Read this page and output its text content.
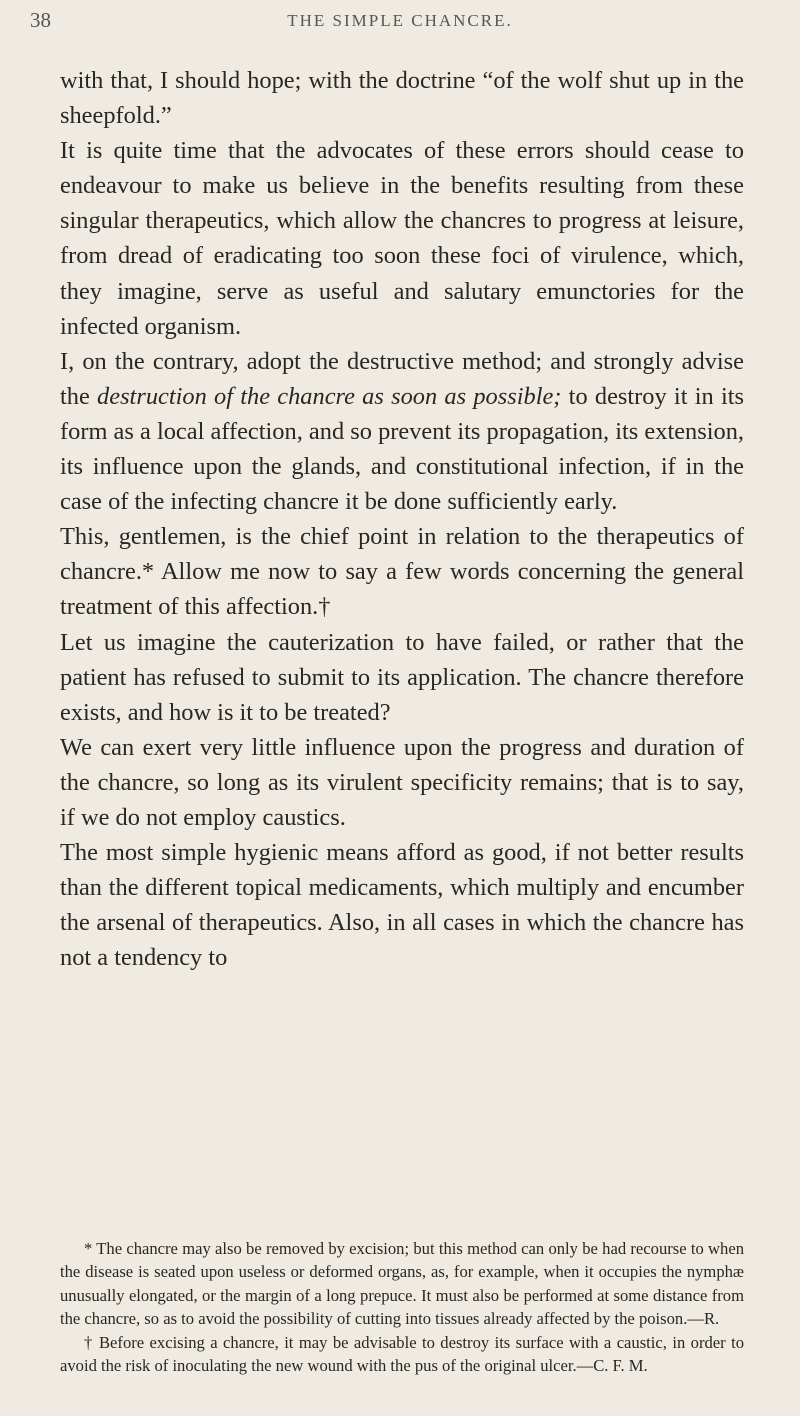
38	THE SIMPLE CHANCRE.

with that, I should hope; with the doctrine “of the wolf shut up in the sheepfold.”

It is quite time that the advocates of these errors should cease to endeavour to make us believe in the benefits resulting from these singular therapeutics, which allow the chancres to progress at leisure, from dread of eradicating too soon these foci of virulence, which, they imagine, serve as useful and salutary emunctories for the infected organism.

I, on the contrary, adopt the destructive method; and strongly advise the destruction of the chancre as soon as possible; to destroy it in its form as a local affection, and so prevent its propagation, its extension, its influence upon the glands, and constitutional infection, if in the case of the infecting chancre it be done sufficiently early.

This, gentlemen, is the chief point in relation to the therapeutics of chancre.* Allow me now to say a few words concerning the general treatment of this affection.†

Let us imagine the cauterization to have failed, or rather that the patient has refused to submit to its application. The chancre therefore exists, and how is it to be treated?

We can exert very little influence upon the progress and duration of the chancre, so long as its virulent specificity remains; that is to say, if we do not employ caustics.

The most simple hygienic means afford as good, if not better results than the different topical medicaments, which multiply and encumber the arsenal of therapeutics. Also, in all cases in which the chancre has not a tendency to

* The chancre may also be removed by excision; but this method can only be had recourse to when the disease is seated upon useless or deformed organs, as, for example, when it occupies the nymphæ unusually elongated, or the margin of a long prepuce. It must also be performed at some distance from the chancre, so as to avoid the possibility of cutting into tissues already affected by the poison.—R.

† Before excising a chancre, it may be advisable to destroy its surface with a caustic, in order to avoid the risk of inoculating the new wound with the pus of the original ulcer.—C. F. M.
